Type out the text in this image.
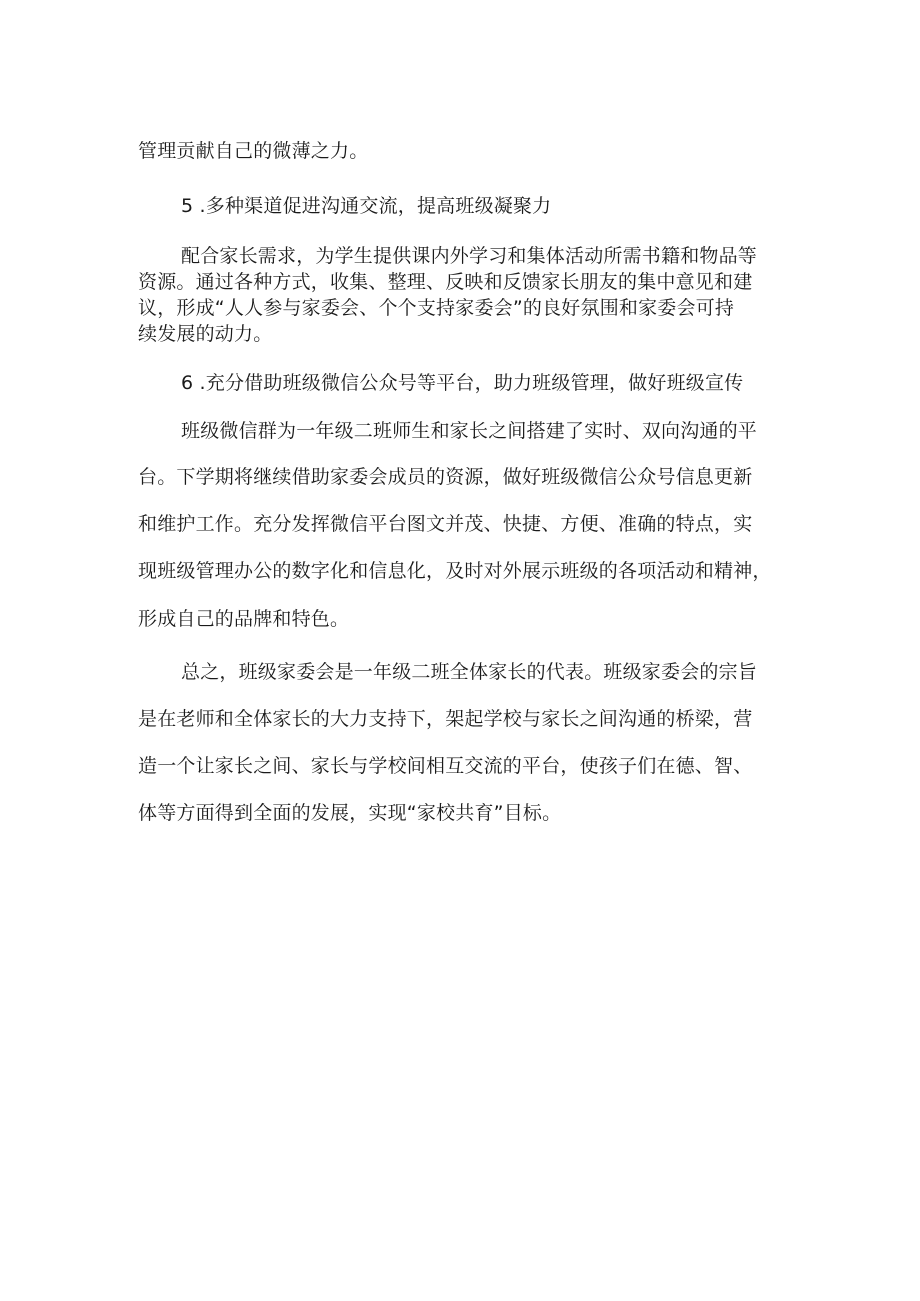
管理贡献自己的微薄之力。
5 .多种渠道促进沟通交流，提高班级凝聚力
配合家长需求，为学生提供课内外学习和集体活动所需书籍和物品等
资源。通过各种方式，收集、整理、反映和反馈家长朋友的集中意见和建
议，形成“人人参与家委会、个个支持家委会”的良好氛围和家委会可持
续发展的动力。
6 .充分借助班级微信公众号等平台，助力班级管理，做好班级宣传
班级微信群为一年级二班师生和家长之间搭建了实时、双向沟通的平
台。下学期将继续借助家委会成员的资源，做好班级微信公众号信息更新
和维护工作。充分发挥微信平台图文并茂、快捷、方便、准确的特点，实
现班级管理办公的数字化和信息化，及时对外展示班级的各项活动和精神，
形成自己的品牌和特色。
总之，班级家委会是一年级二班全体家长的代表。班级家委会的宗旨
是在老师和全体家长的大力支持下，架起学校与家长之间沟通的桥梁，营
造一个让家长之间、家长与学校间相互交流的平台，使孩子们在德、智、
体等方面得到全面的发展，实现“家校共育”目标。
